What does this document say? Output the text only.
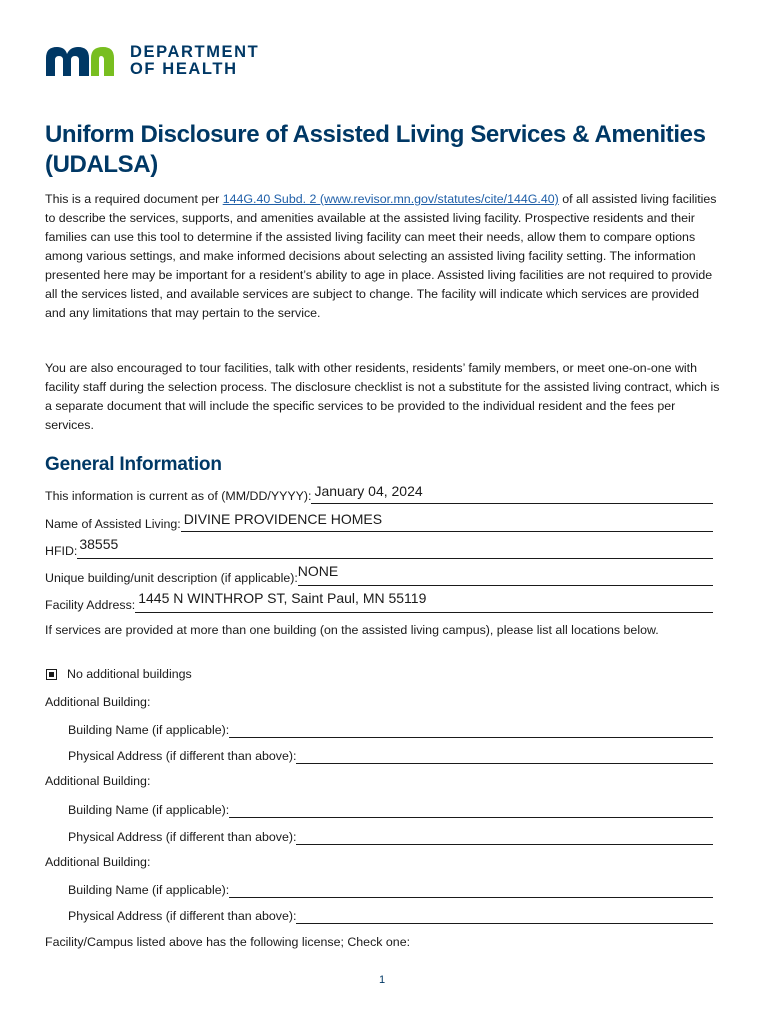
DEPARTMENT
OF HEALTH
Uniform Disclosure of Assisted Living Services & Amenities (UDALSA)

This is a required document per 144G.40 Subd. 2 (www.revisor.mn.gov/statutes/cite/144G.40) of all assisted living facilities to describe the services, supports, and amenities available at the assisted living facility. Prospective residents and their families can use this tool to determine if the assisted living facility can meet their needs, allow them to compare options among various settings, and make informed decisions about selecting an assisted living facility setting. The information presented here may be important for a resident’s ability to age in place. Assisted living facilities are not required to provide all the services listed, and available services are subject to change. The facility will indicate which services are provided and any limitations that may pertain to the service.

You are also encouraged to tour facilities, talk with other residents, residents’ family members, or meet one-on-one with facility staff during the selection process. The disclosure checklist is not a substitute for the assisted living contract, which is a separate document that will include the specific services to be provided to the individual resident and the fees per services.

General Information
This information is current as of (MM/DD/YYYY): January 04, 2024
Name of Assisted Living: DIVINE PROVIDENCE HOMES
HFID: 38555
Unique building/unit description (if applicable): NONE
Facility Address: 1445 N WINTHROP ST, Saint Paul, MN 55119

If services are provided at more than one building (on the assisted living campus), please list all locations below.

No additional buildings

Additional Building:

Building Name (if applicable):
Physical Address (if different than above):

Additional Building:

Building Name (if applicable):
Physical Address (if different than above):

Additional Building:

Building Name (if applicable):
Physical Address (if different than above):

Facility/Campus listed above has the following license; Check one:

1
